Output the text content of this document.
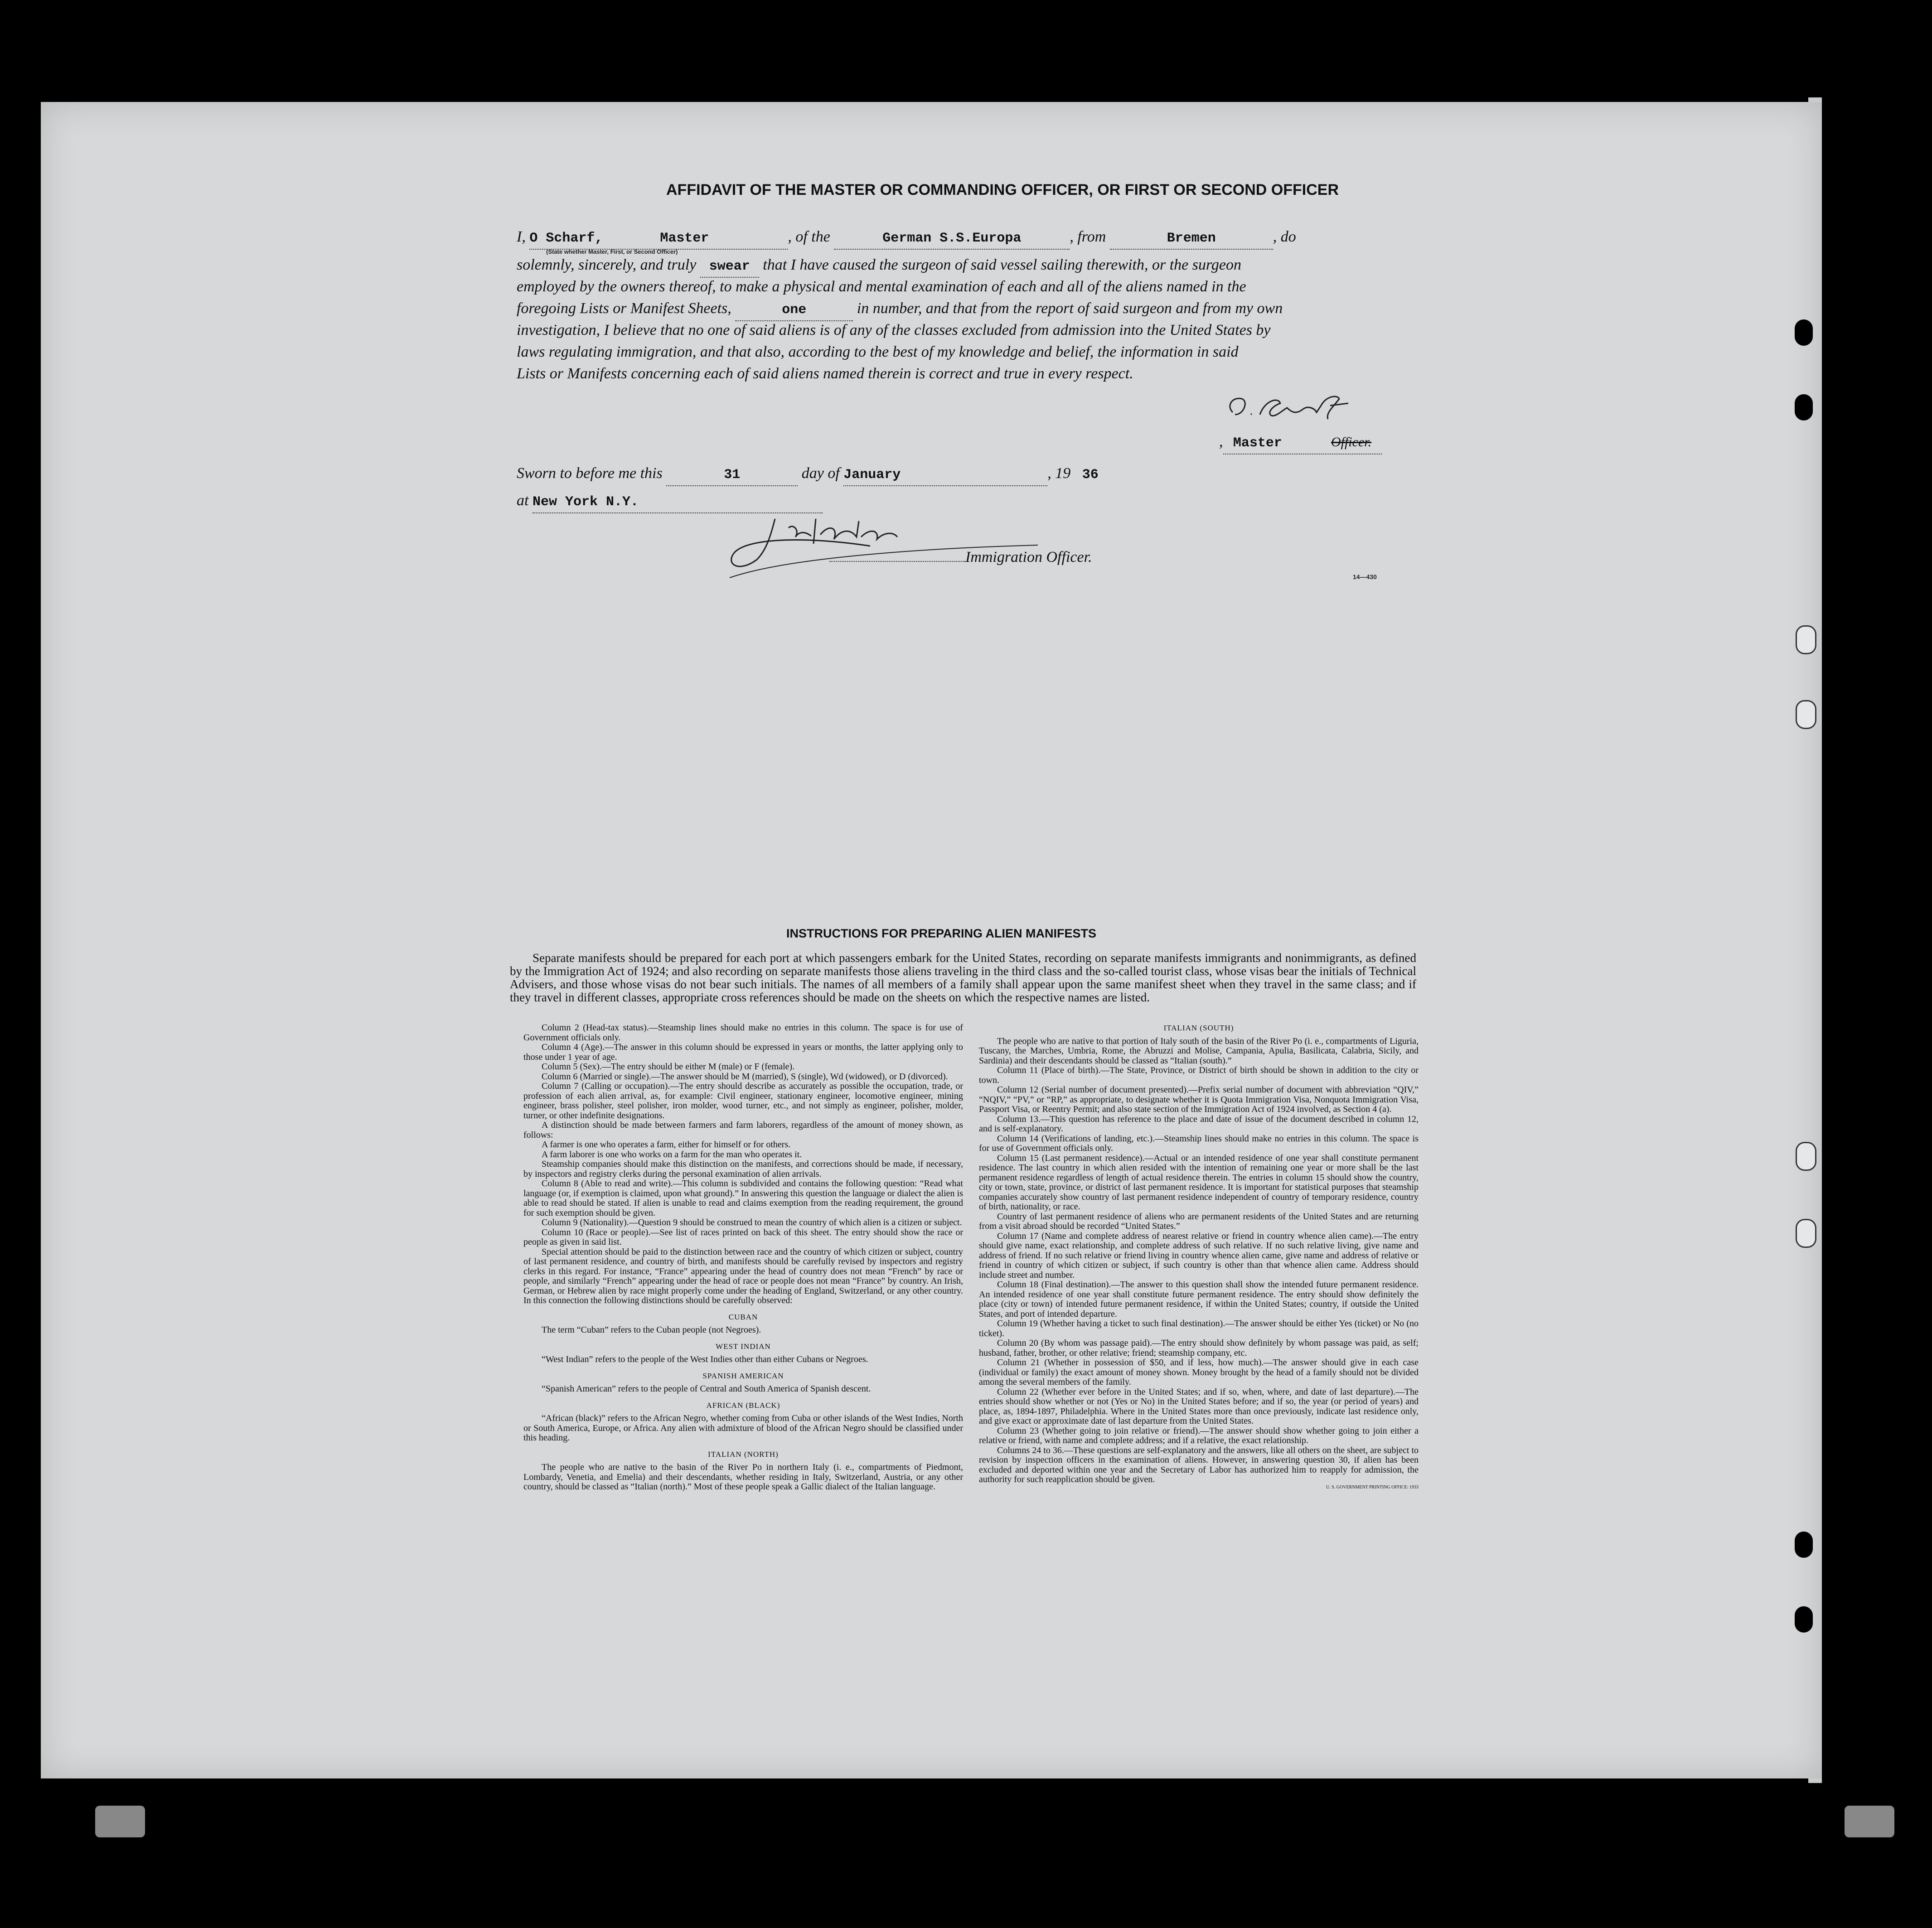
AFFIDAVIT OF THE MASTER OR COMMANDING OFFICER, OR FIRST OR SECOND OFFICER
I, O Scharf,	Master	, of the	German S.S.Europa	, from	Bremen	, do
(State whether Master, First, or Second Officer)
solemnly, sincerely, and truly swear that I have caused the surgeon of said vessel sailing therewith, or the surgeon
employed by the owners thereof, to make a physical and mental examination of each and all of the aliens named in the
foregoing Lists or Manifest Sheets,	one	in number, and that from the report of said surgeon and from my own
investigation, I believe that no one of said aliens is of any of the classes excluded from admission into the United States by
laws regulating immigration, and that also, according to the best of my knowledge and belief, the information in said
Lists or Manifests concerning each of said aliens named therein is correct and true in every respect.
, Master	Officer.
Sworn to before me this	31	day of January	, 19 36
at New York N.Y.
Immigration Officer.
14—430
INSTRUCTIONS FOR PREPARING ALIEN MANIFESTS
Separate manifests should be prepared for each port at which passengers embark for the United States, recording on separate manifests immigrants and nonimmigrants, as defined by the Immigration Act of 1924; and also recording on separate manifests those aliens traveling in the third class and the so-called tourist class, whose visas bear the initials of Technical Advisers, and those whose visas do not bear such initials. The names of all members of a family shall appear upon the same manifest sheet when they travel in the same class; and if they travel in different classes, appropriate cross references should be made on the sheets on which the respective names are listed.

Column 2 (Head-tax status).—Steamship lines should make no entries in this column. The space is for use of Government officials only.

Column 4 (Age).—The answer in this column should be expressed in years or months, the latter applying only to those under 1 year of age.

Column 5 (Sex).—The entry should be either M (male) or F (female).

Column 6 (Married or single).—The answer should be M (married), S (single), Wd (widowed), or D (divorced).

Column 7 (Calling or occupation).—The entry should describe as accurately as possible the occupation, trade, or profession of each alien arrival, as, for example: Civil engineer, stationary engineer, locomotive engineer, mining engineer, brass polisher, steel polisher, iron molder, wood turner, etc., and not simply as engineer, polisher, molder, turner, or other indefinite designations.

A distinction should be made between farmers and farm laborers, regardless of the amount of money shown, as follows:

A farmer is one who operates a farm, either for himself or for others.

A farm laborer is one who works on a farm for the man who operates it.

Steamship companies should make this distinction on the manifests, and corrections should be made, if necessary, by inspectors and registry clerks during the personal examination of alien arrivals.

Column 8 (Able to read and write).—This column is subdivided and contains the following question: “Read what language (or, if exemption is claimed, upon what ground).” In answering this question the language or dialect the alien is able to read should be stated. If alien is unable to read and claims exemption from the reading requirement, the ground for such exemption should be given.

Column 9 (Nationality).—Question 9 should be construed to mean the country of which alien is a citizen or subject.

Column 10 (Race or people).—See list of races printed on back of this sheet. The entry should show the race or people as given in said list.

Special attention should be paid to the distinction between race and the country of which citizen or subject, country of last permanent residence, and country of birth, and manifests should be carefully revised by inspectors and registry clerks in this regard. For instance, “France” appearing under the head of country does not mean “French” by race or people, and similarly “French” appearing under the head of race or people does not mean “France” by country. An Irish, German, or Hebrew alien by race might properly come under the heading of England, Switzerland, or any other country. In this connection the following distinctions should be carefully observed:

CUBAN

The term “Cuban” refers to the Cuban people (not Negroes).

WEST INDIAN

“West Indian” refers to the people of the West Indies other than either Cubans or Negroes.

SPANISH AMERICAN

“Spanish American” refers to the people of Central and South America of Spanish descent.

AFRICAN (BLACK)

“African (black)” refers to the African Negro, whether coming from Cuba or other islands of the West Indies, North or South America, Europe, or Africa. Any alien with admixture of blood of the African Negro should be classified under this heading.

ITALIAN (NORTH)

The people who are native to the basin of the River Po in northern Italy (i. e., compartments of Piedmont, Lombardy, Venetia, and Emelia) and their descendants, whether residing in Italy, Switzerland, Austria, or any other country, should be classed as “Italian (north).” Most of these people speak a Gallic dialect of the Italian language.

ITALIAN (SOUTH)

The people who are native to that portion of Italy south of the basin of the River Po (i. e., compartments of Liguria, Tuscany, the Marches, Umbria, Rome, the Abruzzi and Molise, Campania, Apulia, Basilicata, Calabria, Sicily, and Sardinia) and their descendants should be classed as “Italian (south).”

Column 11 (Place of birth).—The State, Province, or District of birth should be shown in addition to the city or town.

Column 12 (Serial number of document presented).—Prefix serial number of document with abbreviation “QIV,” “NQIV,” “PV,” or “RP,” as appropriate, to designate whether it is Quota Immigration Visa, Nonquota Immigration Visa, Passport Visa, or Reentry Permit; and also state section of the Immigration Act of 1924 involved, as Section 4 (a).

Column 13.—This question has reference to the place and date of issue of the document described in column 12, and is self-explanatory.

Column 14 (Verifications of landing, etc.).—Steamship lines should make no entries in this column. The space is for use of Government officials only.

Column 15 (Last permanent residence).—Actual or an intended residence of one year shall constitute permanent residence. The last country in which alien resided with the intention of remaining one year or more shall be the last permanent residence regardless of length of actual residence therein. The entries in column 15 should show the country, city or town, state, province, or district of last permanent residence. It is important for statistical purposes that steamship companies accurately show country of last permanent residence independent of country of temporary residence, country of birth, nationality, or race.

Country of last permanent residence of aliens who are permanent residents of the United States and are returning from a visit abroad should be recorded “United States.”

Column 17 (Name and complete address of nearest relative or friend in country whence alien came).—The entry should give name, exact relationship, and complete address of such relative. If no such relative living, give name and address of friend. If no such relative or friend living in country whence alien came, give name and address of relative or friend in country of which citizen or subject, if such country is other than that whence alien came. Address should include street and number.

Column 18 (Final destination).—The answer to this question shall show the intended future permanent residence. An intended residence of one year shall constitute future permanent residence. The entry should show definitely the place (city or town) of intended future permanent residence, if within the United States; country, if outside the United States, and port of intended departure.

Column 19 (Whether having a ticket to such final destination).—The answer should be either Yes (ticket) or No (no ticket).

Column 20 (By whom was passage paid).—The entry should show definitely by whom passage was paid, as self; husband, father, brother, or other relative; friend; steamship company, etc.

Column 21 (Whether in possession of $50, and if less, how much).—The answer should give in each case (individual or family) the exact amount of money shown. Money brought by the head of a family should not be divided among the several members of the family.

Column 22 (Whether ever before in the United States; and if so, when, where, and date of last departure).—The entries should show whether or not (Yes or No) in the United States before; and if so, the year (or period of years) and place, as, 1894-1897, Philadelphia. Where in the United States more than once previously, indicate last residence only, and give exact or approximate date of last departure from the United States.

Column 23 (Whether going to join relative or friend).—The answer should show whether going to join either a relative or friend, with name and complete address; and if a relative, the exact relationship.

Columns 24 to 36.—These questions are self-explanatory and the answers, like all others on the sheet, are subject to revision by inspection officers in the examination of aliens. However, in answering question 30, if alien has been excluded and deported within one year and the Secretary of Labor has authorized him to reapply for admission, the authority for such reapplication should be given.

U. S. GOVERNMENT PRINTING OFFICE: 1933
